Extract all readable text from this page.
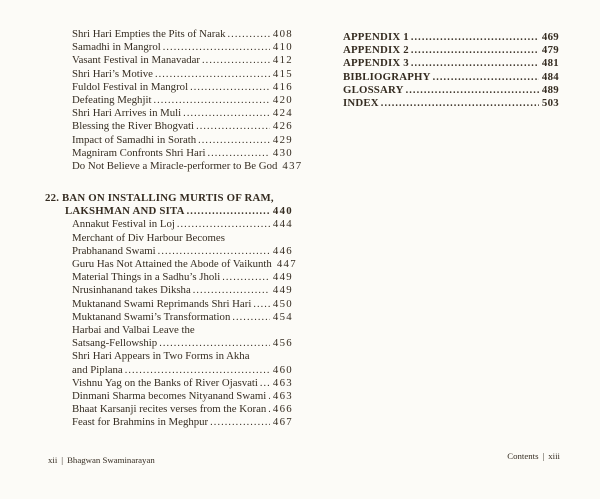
Shri Hari Empties the Pits of Narak .....	408
Samadhi in Mangrol .....	410
Vasant Festival in Manavadar .....	412
Shri Hari’s Motive .....	415
Fuldol Festival in Mangrol .....	416
Defeating Meghjit .....	420
Shri Hari Arrives in Muli .....	424
Blessing the River Bhogvati .....	426
Impact of Samadhi in Sorath .....	429
Magniram Confronts Shri Hari .....	430
Do Not Believe a Miracle-performer to Be God 437
22. BAN ON INSTALLING MURTIS OF RAM,
LAKSHMAN AND SITA .....	440
Annakut Festival in Loj .....	444
Merchant of Div Harbour Becomes
Prabhanand Swami .....	446
Guru Has Not Attained the Abode of Vaikunth 447
Material Things in a Sadhu’s Jholi .....	449
Nrusinhanand takes Diksha .....	449
Muktanand Swami Reprimands Shri Hari ..... 450
Muktanand Swami’s Transformation .....	454
Harbai and Valbai Leave the
Satsang-Fellowship .....	456
Shri Hari Appears in Two Forms in Akha
and Piplana .....	460
Vishnu Yag on the Banks of River Ojasvati ..... 463
Dinmani Sharma becomes Nityanand Swami ..... 463
Bhaat Karsanji recites verses from the Koran ..... 466
Feast for Brahmins in Meghpur .....	467
APPENDIX 1 .....	469
APPENDIX 2 .....	479
APPENDIX 3 .....	481
BIBLIOGRAPHY .....	484
GLOSSARY .....	489
INDEX .....	503
xii | Bhagwan Swaminarayan	Contents | xiii
